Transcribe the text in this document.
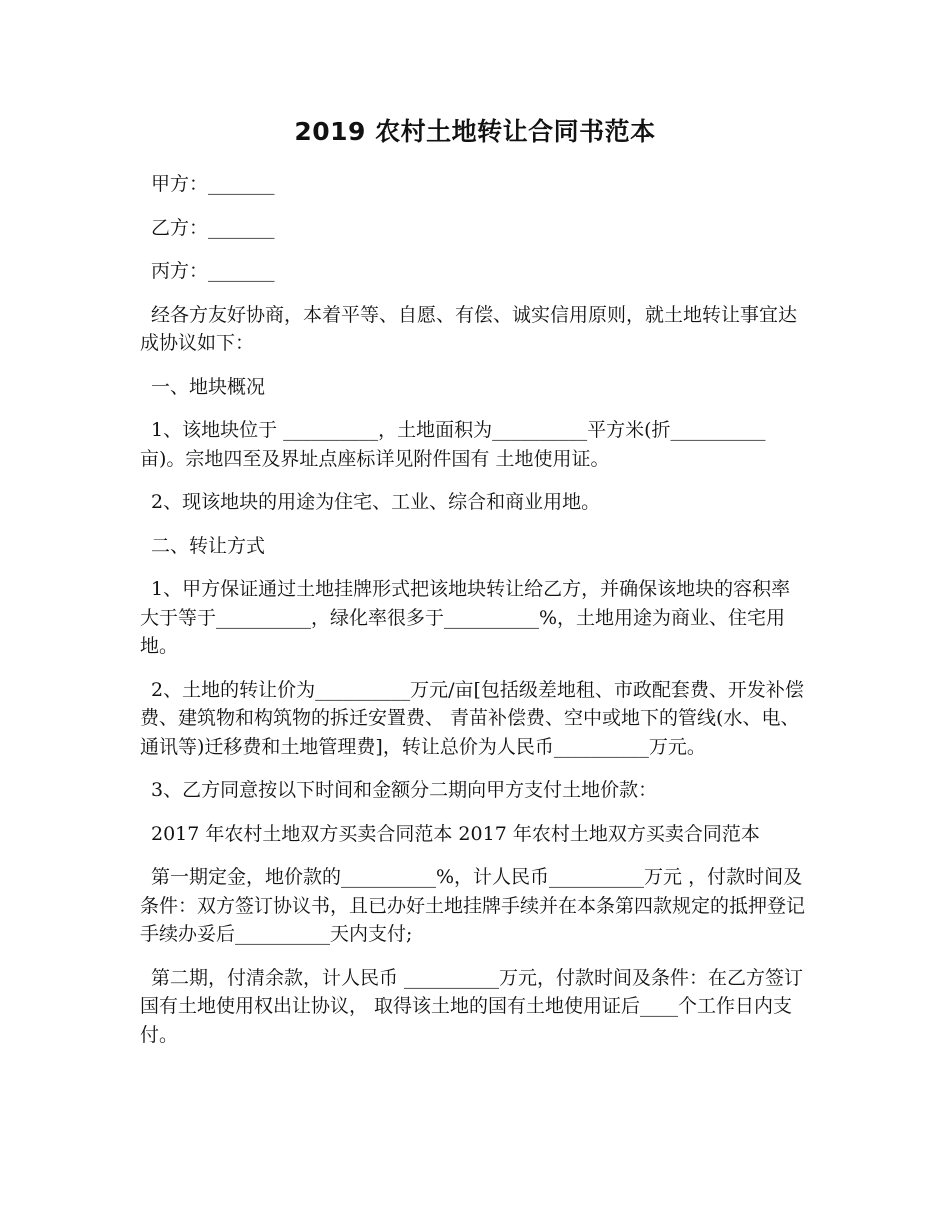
2019 农村土地转让合同书范本

甲方：_______

乙方：_______

丙方：_______

经各方友好协商，本着平等、自愿、有偿、诚实信用原则，就土地转让事宜达成协议如下：

一、地块概况

1、该地块位于 __________，土地面积为__________平方米(折__________亩)。宗地四至及界址点座标详见附件国有 土地使用证。

2、现该地块的用途为住宅、工业、综合和商业用地。

二、转让方式

1、甲方保证通过土地挂牌形式把该地块转让给乙方，并确保该地块的容积率大于等于__________，绿化率很多于__________%，土地用途为商业、住宅用地。

2、土地的转让价为__________万元/亩[包括级差地租、市政配套费、开发补偿费、建筑物和构筑物的拆迁安置费、 青苗补偿费、空中或地下的管线(水、电、通讯等)迁移费和土地管理费]，转让总价为人民币__________万元。

3、乙方同意按以下时间和金额分二期向甲方支付土地价款：

2017 年农村土地双方买卖合同范本 2017 年农村土地双方买卖合同范本

第一期定金，地价款的__________%，计人民币__________万元 ，付款时间及条件：双方签订协议书，且已办好土地挂牌手续并在本条第四款规定的抵押登记手续办妥后__________天内支付;

第二期，付清余款，计人民币 __________万元，付款时间及条件：在乙方签订国有土地使用权出让协议， 取得该土地的国有土地使用证后____个工作日内支付。
